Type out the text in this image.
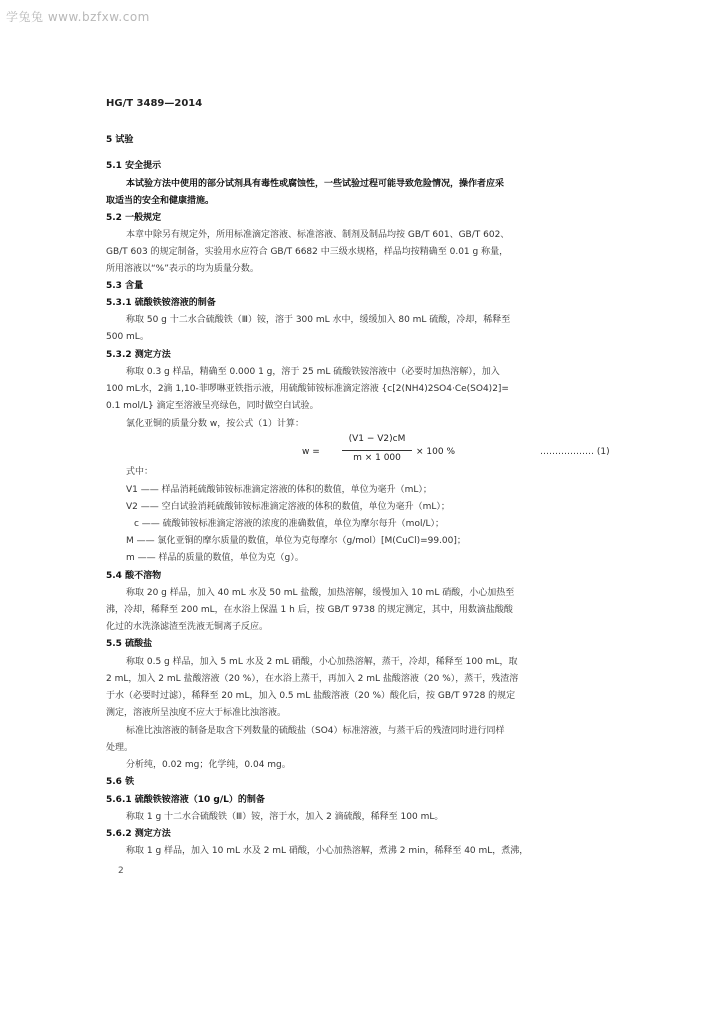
学兔兔 www.bzfxw.com
HG/T 3489—2014
5 试验
5.1 安全提示
本试验方法中使用的部分试剂具有毒性或腐蚀性，一些试验过程可能导致危险情况，操作者应采
取适当的安全和健康措施。
5.2 一般规定
本章中除另有规定外，所用标准滴定溶液、标准溶液、制剂及制品均按 GB/T 601、GB/T 602、
GB/T 603 的规定制备，实验用水应符合 GB/T 6682 中三级水规格，样品均按精确至 0.01 g 称量，
所用溶液以“%”表示的均为质量分数。
5.3 含量
5.3.1 硫酸铁铵溶液的制备
称取 50 g 十二水合硫酸铁（Ⅲ）铵，溶于 300 mL 水中，缓缓加入 80 mL 硫酸，冷却，稀释至
500 mL。
5.3.2 测定方法
称取 0.3 g 样品，精确至 0.000 1 g，溶于 25 mL 硫酸铁铵溶液中（必要时加热溶解），加入
100 mL水，2滴 1,10-菲啰啉亚铁指示液，用硫酸铈铵标准滴定溶液 {c[2(NH4)2SO4·Ce(SO4)2]=
0.1 mol/L} 滴定至溶液呈亮绿色，同时做空白试验。
氯化亚铜的质量分数 w，按公式（1）计算：
w =
(V1 − V2)cM
m × 1 000
× 100 %	……………… (1)
式中：
V1 —— 样品消耗硫酸铈铵标准滴定溶液的体积的数值，单位为毫升（mL）；
V2 —— 空白试验消耗硫酸铈铵标准滴定溶液的体积的数值，单位为毫升（mL）；
c —— 硫酸铈铵标准滴定溶液的浓度的准确数值，单位为摩尔每升（mol/L）；
M —— 氯化亚铜的摩尔质量的数值，单位为克每摩尔（g/mol）[M(CuCl)=99.00]；
m —— 样品的质量的数值，单位为克（g）。
5.4 酸不溶物
称取 20 g 样品，加入 40 mL 水及 50 mL 盐酸，加热溶解，缓慢加入 10 mL 硝酸，小心加热至
沸，冷却，稀释至 200 mL，在水浴上保温 1 h 后，按 GB/T 9738 的规定测定，其中，用数滴盐酸酸
化过的水洗涤滤渣至洗液无铜离子反应。
5.5 硫酸盐
称取 0.5 g 样品，加入 5 mL 水及 2 mL 硝酸，小心加热溶解，蒸干，冷却，稀释至 100 mL，取
2 mL，加入 2 mL 盐酸溶液（20 %），在水浴上蒸干，再加入 2 mL 盐酸溶液（20 %），蒸干，残渣溶
于水（必要时过滤），稀释至 20 mL，加入 0.5 mL 盐酸溶液（20 %）酸化后，按 GB/T 9728 的规定
测定，溶液所呈浊度不应大于标准比浊溶液。
标准比浊溶液的制备是取含下列数量的硫酸盐（SO4）标准溶液，与蒸干后的残渣同时进行同样
处理。
分析纯，0.02 mg；化学纯，0.04 mg。
5.6 铁
5.6.1 硫酸铁铵溶液（10 g/L）的制备
称取 1 g 十二水合硫酸铁（Ⅲ）铵，溶于水，加入 2 滴硫酸，稀释至 100 mL。
5.6.2 测定方法
称取 1 g 样品，加入 10 mL 水及 2 mL 硝酸，小心加热溶解，煮沸 2 min，稀释至 40 mL，煮沸，
2
